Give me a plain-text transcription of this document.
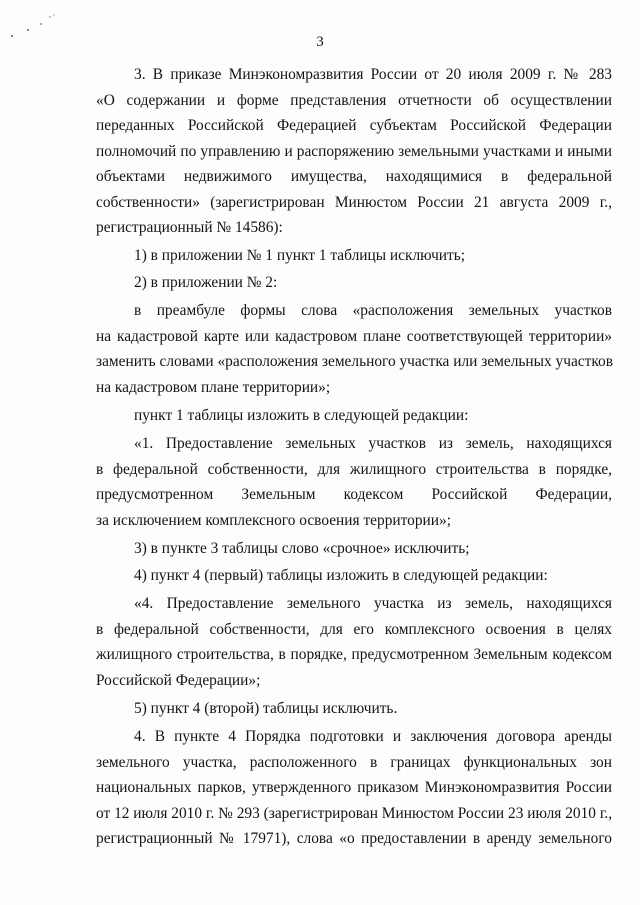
3
3. В приказе Минэкономразвития России от 20 июля 2009 г. № 283
«О содержании и форме представления отчетности об осуществлении
переданных Российской Федерацией субъектам Российской Федерации
полномочий по управлению и распоряжению земельными участками и иными
объектами недвижимого имущества, находящимися в федеральной
собственности» (зарегистрирован Минюстом России 21 августа 2009 г.,
регистрационный № 14586):
1) в приложении № 1 пункт 1 таблицы исключить;
2) в приложении № 2:
в преамбуле формы слова «расположения земельных участков
на кадастровой карте или кадастровом плане соответствующей территории»
заменить словами «расположения земельного участка или земельных участков
на кадастровом плане территории»;
пункт 1 таблицы изложить в следующей редакции:
«1. Предоставление земельных участков из земель, находящихся
в федеральной собственности, для жилищного строительства в порядке,
предусмотренном Земельным кодексом Российской Федерации,
за исключением комплексного освоения территории»;
3) в пункте 3 таблицы слово «срочное» исключить;
4) пункт 4 (первый) таблицы изложить в следующей редакции:
«4. Предоставление земельного участка из земель, находящихся
в федеральной собственности, для его комплексного освоения в целях
жилищного строительства, в порядке, предусмотренном Земельным кодексом
Российской Федерации»;
5) пункт 4 (второй) таблицы исключить.
4. В пункте 4 Порядка подготовки и заключения договора аренды
земельного участка, расположенного в границах функциональных зон
национальных парков, утвержденного приказом Минэкономразвития России
от 12 июля 2010 г. № 293 (зарегистрирован Минюстом России 23 июля 2010 г.,
регистрационный № 17971), слова «о предоставлении в аренду земельного
